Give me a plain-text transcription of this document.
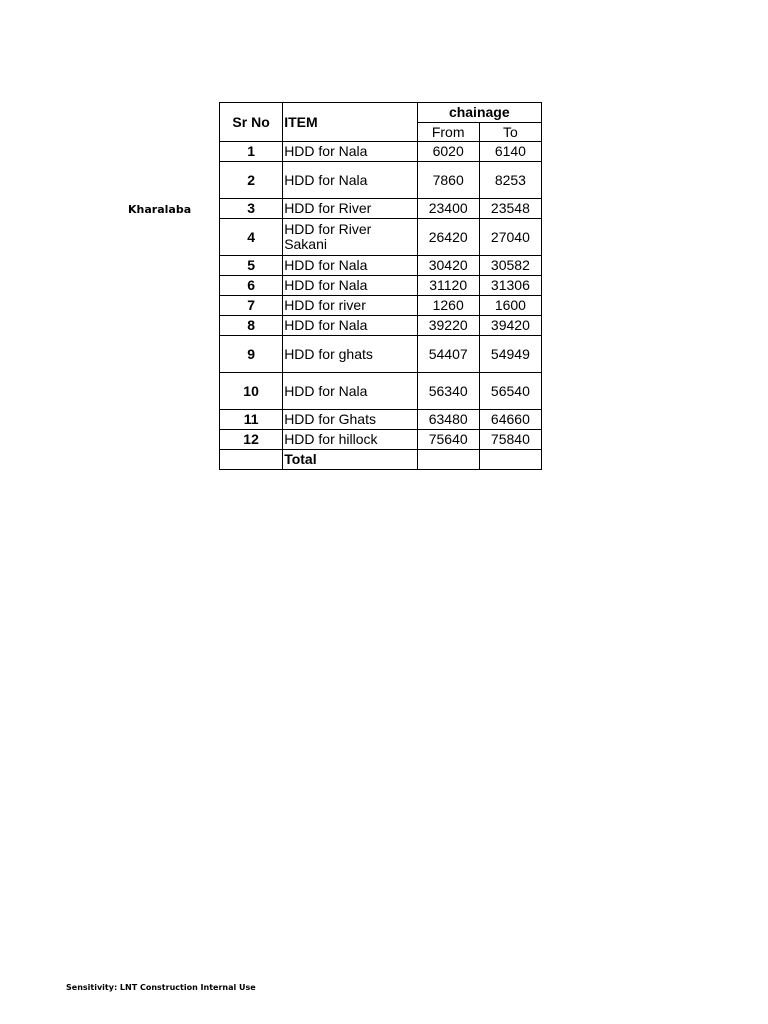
Kharalaba
Sr No	ITEM	chainage	
		From	To
1	HDD for Nala	6020	6140
2	HDD for Nala	7860	8253
3	HDD for River	23400	23548
4	HDD for River Sakani	26420	27040
5	HDD for Nala	30420	30582
6	HDD for Nala	31120	31306
7	HDD for river	1260	1600
8	HDD for Nala	39220	39420
9	HDD for ghats	54407	54949
10	HDD for Nala	56340	56540
11	HDD for Ghats	63480	64660
12	HDD for hillock	75640	75840
	Total		
Sensitivity: LNT Construction Internal Use
